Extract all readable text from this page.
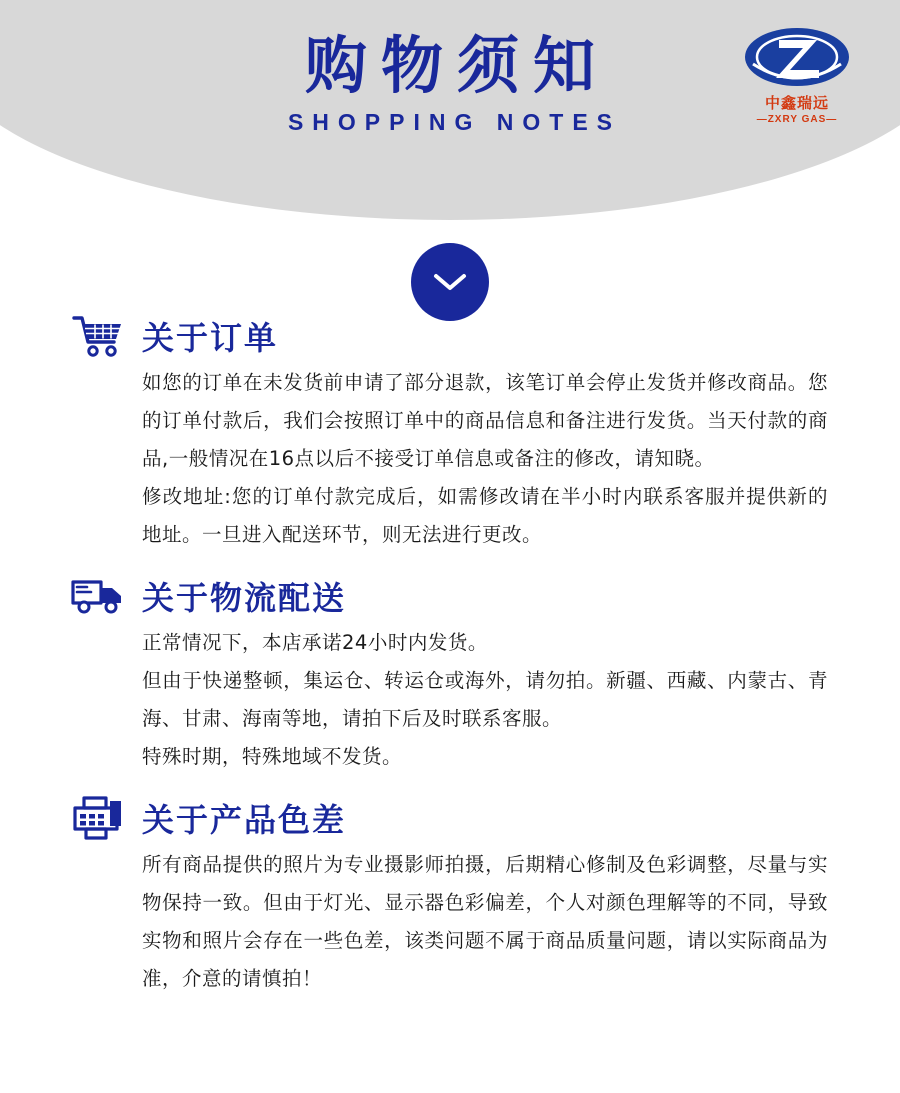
购物须知
SHOPPING NOTES
中鑫瑞远
—ZXRY GAS—
关于订单

如您的订单在未发货前申请了部分退款，该笔订单会停止发货并修改商品。您的订单付款后，我们会按照订单中的商品信息和备注进行发货。当天付款的商品,一般情况在16点以后不接受订单信息或备注的修改，请知晓。

修改地址:您的订单付款完成后，如需修改请在半小时内联系客服并提供新的地址。一旦进入配送环节，则无法进行更改。

关于物流配送

正常情况下，本店承诺24小时内发货。

但由于快递整顿，集运仓、转运仓或海外，请勿拍。新疆、西藏、内蒙古、青海、甘肃、海南等地，请拍下后及时联系客服。

特殊时期，特殊地域不发货。

关于产品色差

所有商品提供的照片为专业摄影师拍摄，后期精心修制及色彩调整，尽量与实物保持一致。但由于灯光、显示器色彩偏差，个人对颜色理解等的不同，导致实物和照片会存在一些色差，该类问题不属于商品质量问题，请以实际商品为准，介意的请慎拍！
